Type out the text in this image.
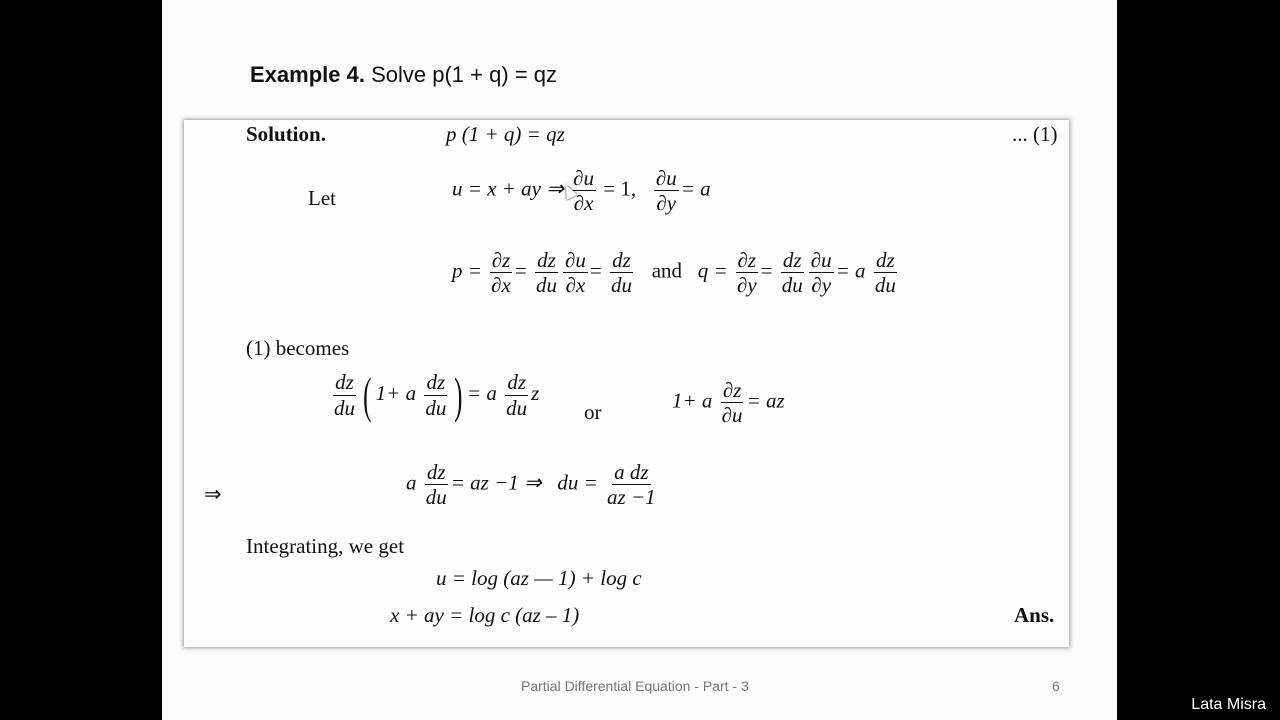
Example 4. Solve p(1 + q) = qz
Solution.	p (1 + q) = qz	... (1)
Let	u = x + ay ⇒ $\frac{\partial u}{\partial x} = 1$, $\frac{\partial u}{\partial y} = a$
$p = \frac{\partial z}{\partial x} = \frac{dz}{du} \frac{\partial u}{\partial x} = \frac{dz}{du}$ and $q = \frac{\partial z}{\partial y} = \frac{dz}{du} \frac{\partial u}{\partial y} = a \frac{dz}{du}$
(1) becomes
$\frac{dz}{du}$ ( 1+ a $\frac{dz}{du}$ ) = a $\frac{dz}{du}$ z
or	1+ a $\frac{\partial z}{\partial u}$ = az
⇒	a $\frac{dz}{du}$ = az −1 ⇒ du = $\frac{\text{a dz}}{az -1}$
Integrating, we get
u = log (az — 1) + log c
x + ay = log c (az – 1)	Ans.
Partial Differential Equation - Part - 3	6
Lata Misra
